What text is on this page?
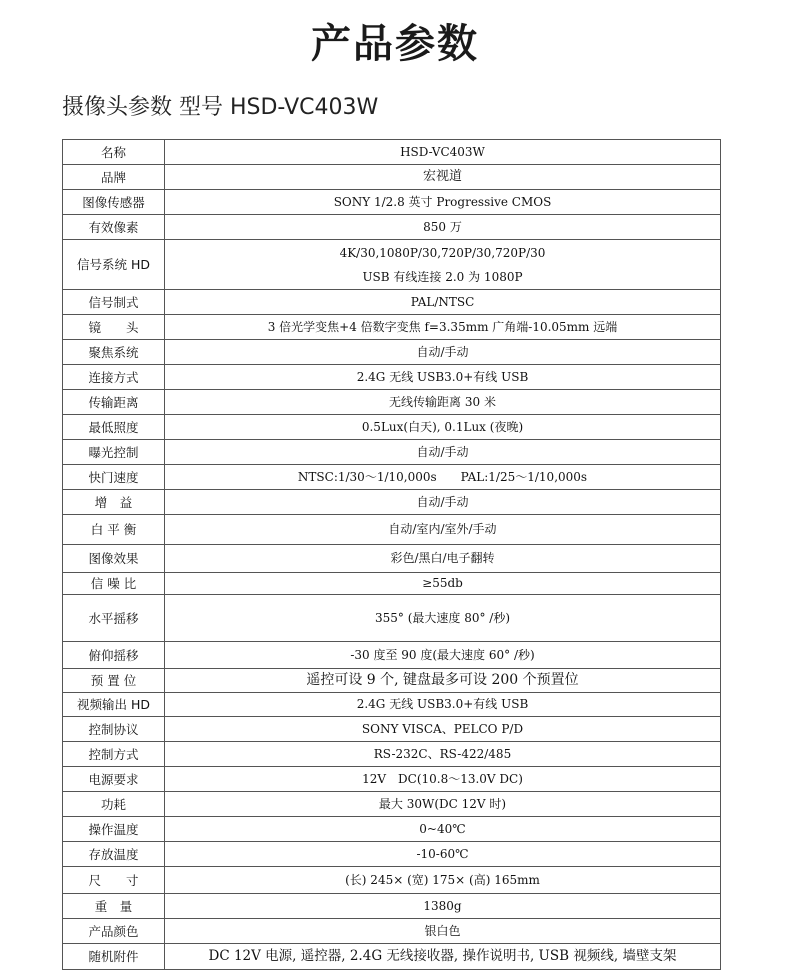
产品参数
摄像头参数 型号 HSD-VC403W
名称	HSD-VC403W
品牌	宏视道
图像传感器	SONY 1/2.8 英寸 Progressive CMOS
有效像素	850 万
信号系统 HD	4K/30,1080P/30,720P/30,720P/30
USB 有线连接 2.0 为 1080P

信号制式	PAL/NTSC
镜　　头	3 倍光学变焦+4 倍数字变焦 f=3.35mm 广角端-10.05mm 远端
聚焦系统	自动/手动
连接方式	2.4G 无线 USB3.0+有线 USB
传输距离	无线传输距离 30 米
最低照度	0.5Lux(白天), 0.1Lux (夜晚)
曝光控制	自动/手动
快门速度	NTSC:1/30～1/10,000s　　PAL:1/25～1/10,000s
增　益	自动/手动
白 平 衡	自动/室内/室外/手动
图像效果	彩色/黑白/电子翻转
信 噪 比	≥55db
水平摇移	355° (最大速度 80° /秒)
俯仰摇移	-30 度至 90 度(最大速度 60° /秒)
预 置 位	遥控可设 9 个, 键盘最多可设 200 个预置位
视频输出 HD	2.4G 无线 USB3.0+有线 USB
控制协议	SONY VISCA、PELCO P/D
控制方式	RS-232C、RS-422/485
电源要求	12V　DC(10.8～13.0V DC)
功耗	最大 30W(DC 12V 时)
操作温度	0~40℃
存放温度	-10-60℃
尺　　寸	(长) 245× (宽) 175× (高) 165mm
重　量	1380g
产品颜色	银白色
随机附件	DC 12V 电源, 遥控器, 2.4G 无线接收器, 操作说明书, USB 视频线, 墙壁支架
